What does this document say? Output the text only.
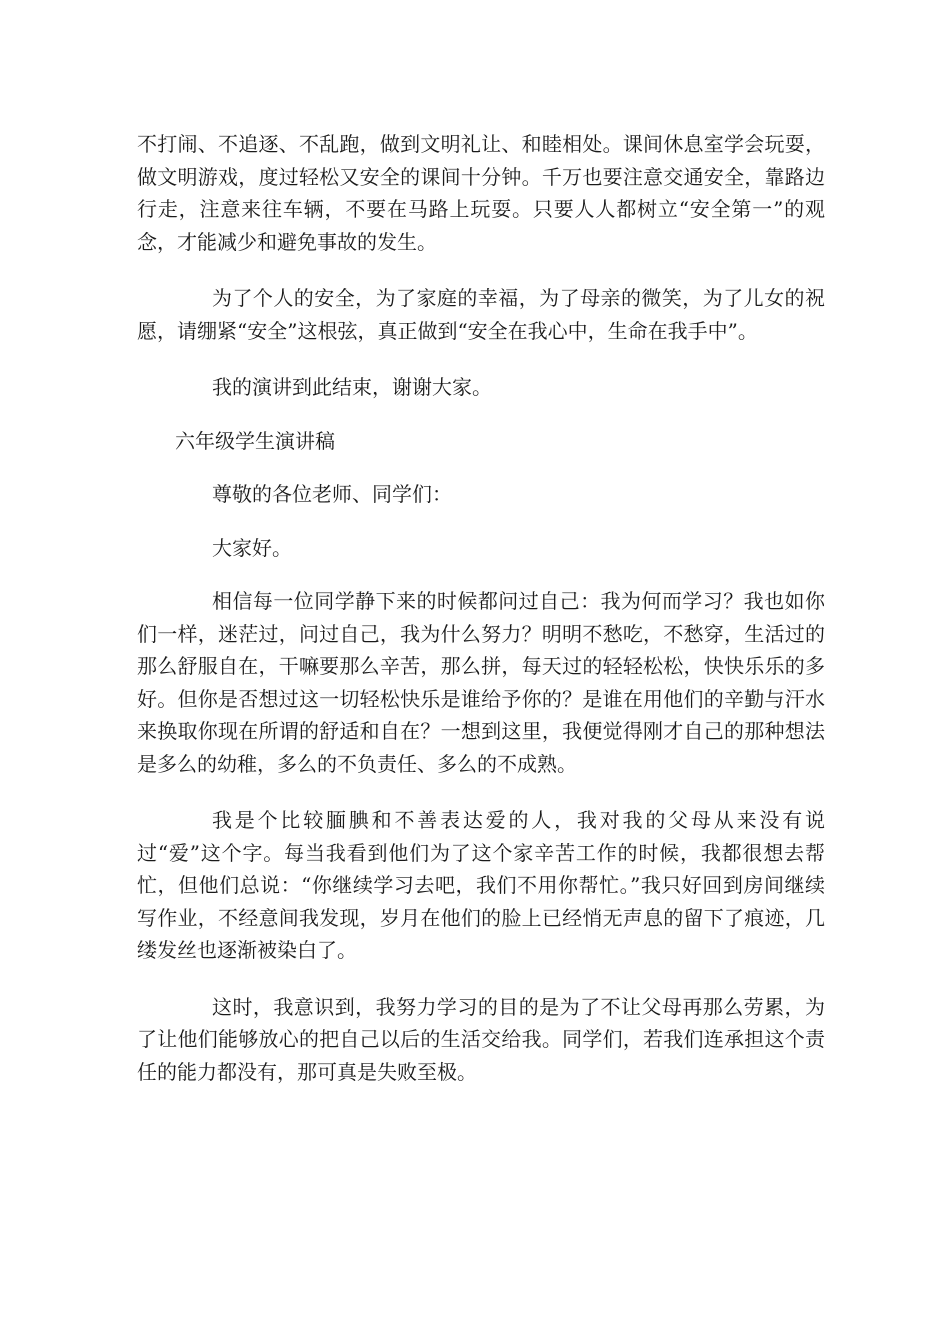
不打闹、不追逐、不乱跑，做到文明礼让、和睦相处。课间休息室学会玩耍，做文明游戏，度过轻松又安全的课间十分钟。千万也要注意交通安全，靠路边行走，注意来往车辆，不要在马路上玩耍。只要人人都树立“安全第一”的观念，才能减少和避免事故的发生。

为了个人的安全，为了家庭的幸福，为了母亲的微笑，为了儿女的祝愿，请绷紧“安全”这根弦，真正做到“安全在我心中，生命在我手中”。

我的演讲到此结束，谢谢大家。

六年级学生演讲稿

尊敬的各位老师、同学们：

大家好。

相信每一位同学静下来的时候都问过自己：我为何而学习？我也如你们一样，迷茫过，问过自己，我为什么努力？明明不愁吃，不愁穿，生活过的那么舒服自在，干嘛要那么辛苦，那么拼，每天过的轻轻松松，快快乐乐的多好。但你是否想过这一切轻松快乐是谁给予你的？是谁在用他们的辛勤与汗水来换取你现在所谓的舒适和自在？一想到这里，我便觉得刚才自己的那种想法是多么的幼稚，多么的不负责任、多么的不成熟。

我是个比较腼腆和不善表达爱的人，我对我的父母从来没有说过“爱”这个字。每当我看到他们为了这个家辛苦工作的时候，我都很想去帮忙，但他们总说：“你继续学习去吧，我们不用你帮忙。”我只好回到房间继续写作业，不经意间我发现，岁月在他们的脸上已经悄无声息的留下了痕迹，几缕发丝也逐渐被染白了。

这时，我意识到，我努力学习的目的是为了不让父母再那么劳累，为了让他们能够放心的把自己以后的生活交给我。同学们，若我们连承担这个责任的能力都没有，那可真是失败至极。
